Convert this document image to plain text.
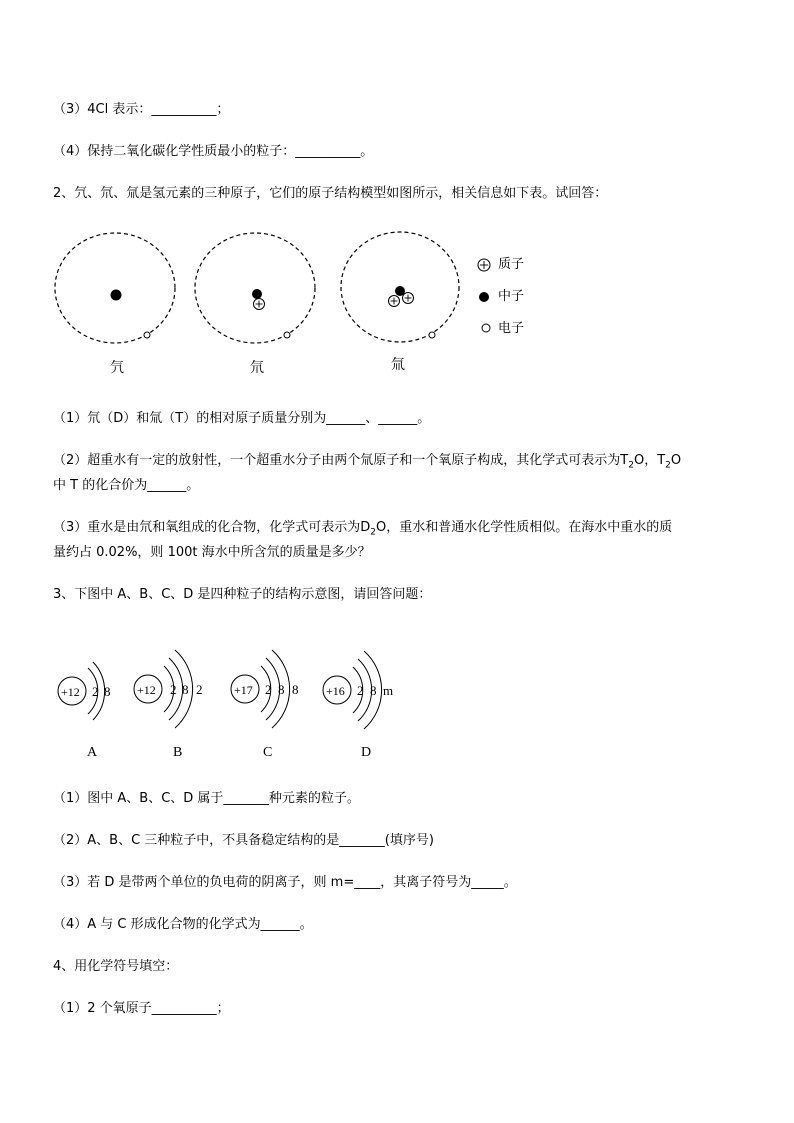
（3）4Cl 表示：__________；
（4）保持二氧化碳化学性质最小的粒子：__________。
2、氕、氘、氚是氢元素的三种原子，它们的原子结构模型如图所示，相关信息如下表。试回答：
氕	氘	氚
质子
中子
电子
（1）氘（D）和氚（T）的相对原子质量分别为______、______。
（2）超重水有一定的放射性，一个超重水分子由两个氚原子和一个氧原子构成，其化学式可表示为$T_2O$，$T_2O$
中 T 的化合价为______。
（3）重水是由氘和氧组成的化合物，化学式可表示为$D_2O$，重水和普通水化学性质相似。在海水中重水的质
量约占 0.02%，则 100t 海水中所含氘的质量是多少？
3、下图中 A、B、C、D 是四种粒子的结构示意图，请回答问题：
+12	+12	+17	+16
2 8	2 8 2	2 8 8	2 8 m
A	B	C	D
（1）图中 A、B、C、D 属于_______种元素的粒子。
（2）A、B、C 三种粒子中，不具备稳定结构的是_______(填序号)
（3）若 D 是带两个单位的负电荷的阴离子，则 m=____，其离子符号为_____。
（4）A 与 C 形成化合物的化学式为______。
4、用化学符号填空：
（1）2 个氧原子__________；
